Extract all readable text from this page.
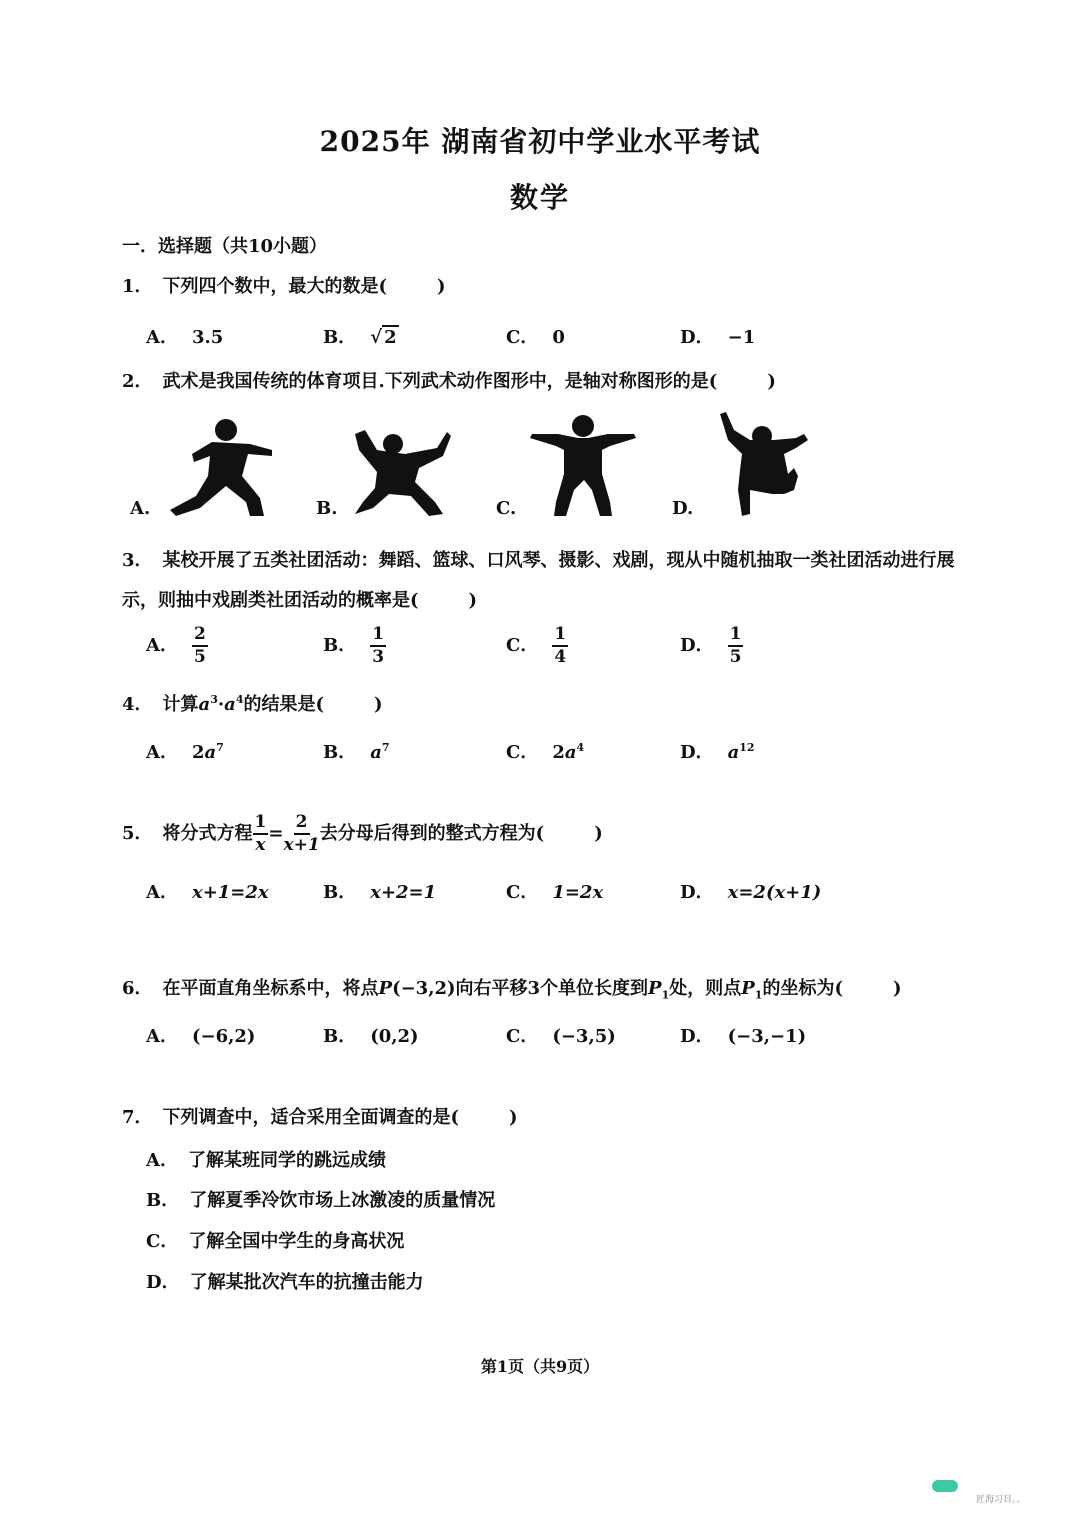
2025年 湖南省初中学业水平考试
数学
一．选择题（共10小题）
1． 下列四个数中，最大的数是(	)
A． 3.5	B． √ 2	C． 0	D． −1
2． 武术是我国传统的体育项目.下列武术动作图形中，是轴对称图形的是(	)
A.	B.	C.	D.
3． 某校开展了五类社团活动：舞蹈、篮球、口风琴、摄影、戏剧，现从中随机抽取一类社团活动进行展
示，则抽中戏剧类社团活动的概率是(	)
A． $\frac{2}{5}$	B． $\frac{1}{3}$	C． $\frac{1}{4}$	D． $\frac{1}{5}$
4． 计算$a^3\cdot a^4$的结果是(	)
A． $2a^7$	B． $a^7$	C． $2a^4$	D． $a^{12}$
5． 将分式方程 $\frac{1}{x} = \frac{2}{x+1}$ 去分母后得到的整式方程为(	)
A． x+1=2x	B． x+2=1	C． 1=2x	D． x=2(x+1)
6． 在平面直角坐标系中，将点P(−3,2)向右平移3个单位长度到$P_1$处，则点$P_1$的坐标为(	)
A． (−6,2)	B． (0,2)	C． (−3,5)	D． (−3,−1)
7． 下列调查中，适合采用全面调查的是(	)
A． 了解某班同学的跳远成绩
B． 了解夏季冷饮市场上冰激凌的质量情况
C． 了解全国中学生的身高状况
D． 了解某批次汽车的抗撞击能力
第1页（共9页）
匠海习目。。
